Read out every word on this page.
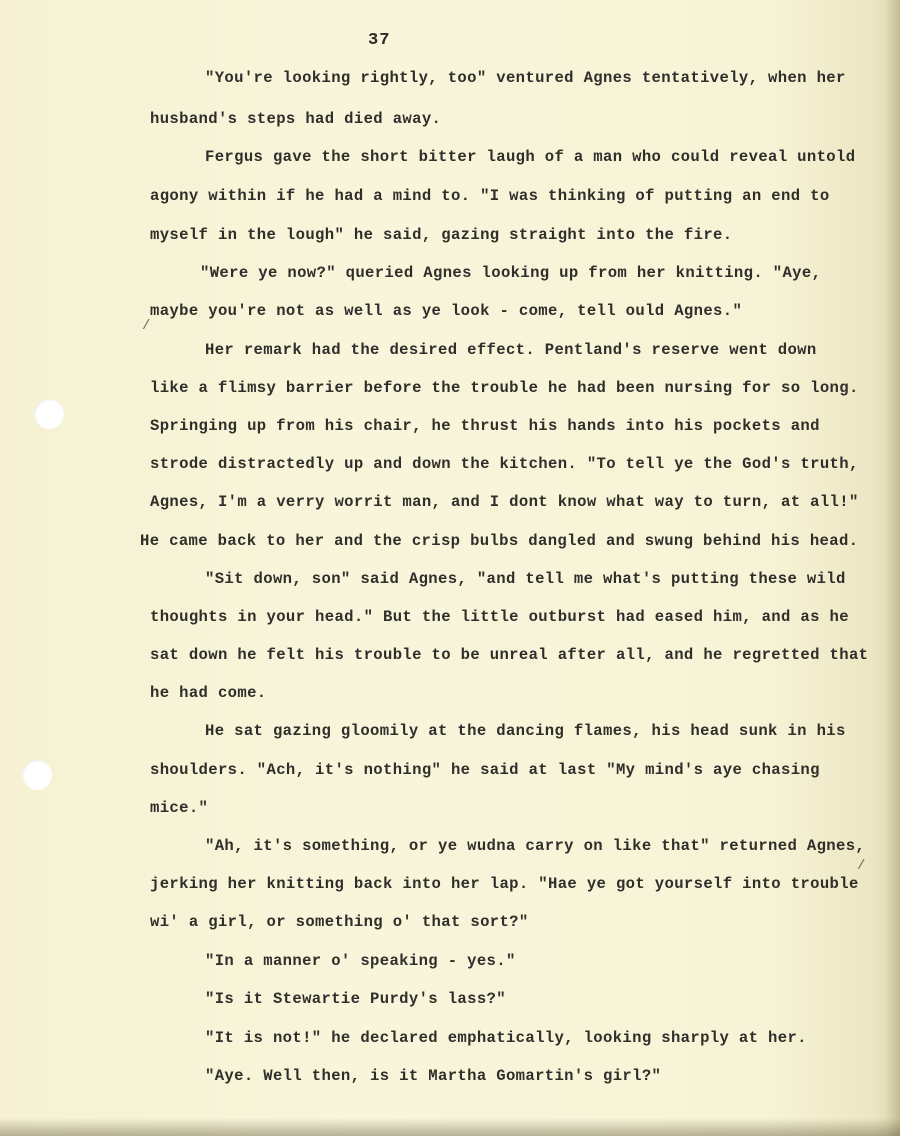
37
"You're looking rightly, too" ventured Agnes tentatively, when her
husband's steps had died away.
Fergus gave the short bitter laugh of a man who could reveal untold
agony within if he had a mind to. "I was thinking of putting an end to
myself in the lough" he said, gazing straight into the fire.
"Were ye now?" queried Agnes looking up from her knitting. "Aye,
maybe you're not as well as ye look - come, tell ould Agnes."
Her remark had the desired effect. Pentland's reserve went down
like a flimsy barrier before the trouble he had been nursing for so long.
Springing up from his chair, he thrust his hands into his pockets and
strode distractedly up and down the kitchen. "To tell ye the God's truth,
Agnes, I'm a verry worrit man, and I dont know what way to turn, at all!"
He came back to her and the crisp bulbs dangled and swung behind his head.
"Sit down, son" said Agnes, "and tell me what's putting these wild
thoughts in your head." But the little outburst had eased him, and as he
sat down he felt his trouble to be unreal after all, and he regretted that
he had come.
He sat gazing gloomily at the dancing flames, his head sunk in his
shoulders. "Ach, it's nothing" he said at last "My mind's aye chasing
mice."
"Ah, it's something, or ye wudna carry on like that" returned Agnes,
jerking her knitting back into her lap. "Hae ye got yourself into trouble
wi' a girl, or something o' that sort?"
"In a manner o' speaking - yes."
"Is it Stewartie Purdy's lass?"
"It is not!" he declared emphatically, looking sharply at her.
"Aye. Well then, is it Martha Gomartin's girl?"
/
/
